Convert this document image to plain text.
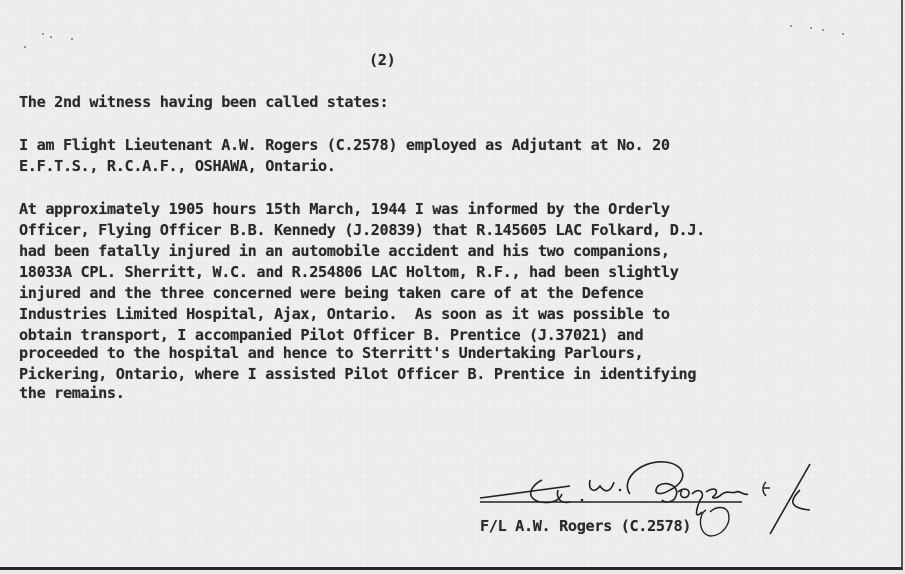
(2)
The 2nd witness having been called states:
I am Flight Lieutenant A.W. Rogers (C.2578) employed as Adjutant at No. 20
E.F.T.S., R.C.A.F., OSHAWA, Ontario.
At approximately 1905 hours 15th March, 1944 I was informed by the Orderly
Officer, Flying Officer B.B. Kennedy (J.20839) that R.145605 LAC Folkard, D.J.
had been fatally injured in an automobile accident and his two companions,
18033A CPL. Sherritt, W.C. and R.254806 LAC Holtom, R.F., had been slightly
injured and the three concerned were being taken care of at the Defence
Industries Limited Hospital, Ajax, Ontario.  As soon as it was possible to
obtain transport, I accompanied Pilot Officer B. Prentice (J.37021) and
proceeded to the hospital and hence to Sterritt's Undertaking Parlours,
Pickering, Ontario, where I assisted Pilot Officer B. Prentice in identifying
the remains.
F/L A.W. Rogers (C.2578)
